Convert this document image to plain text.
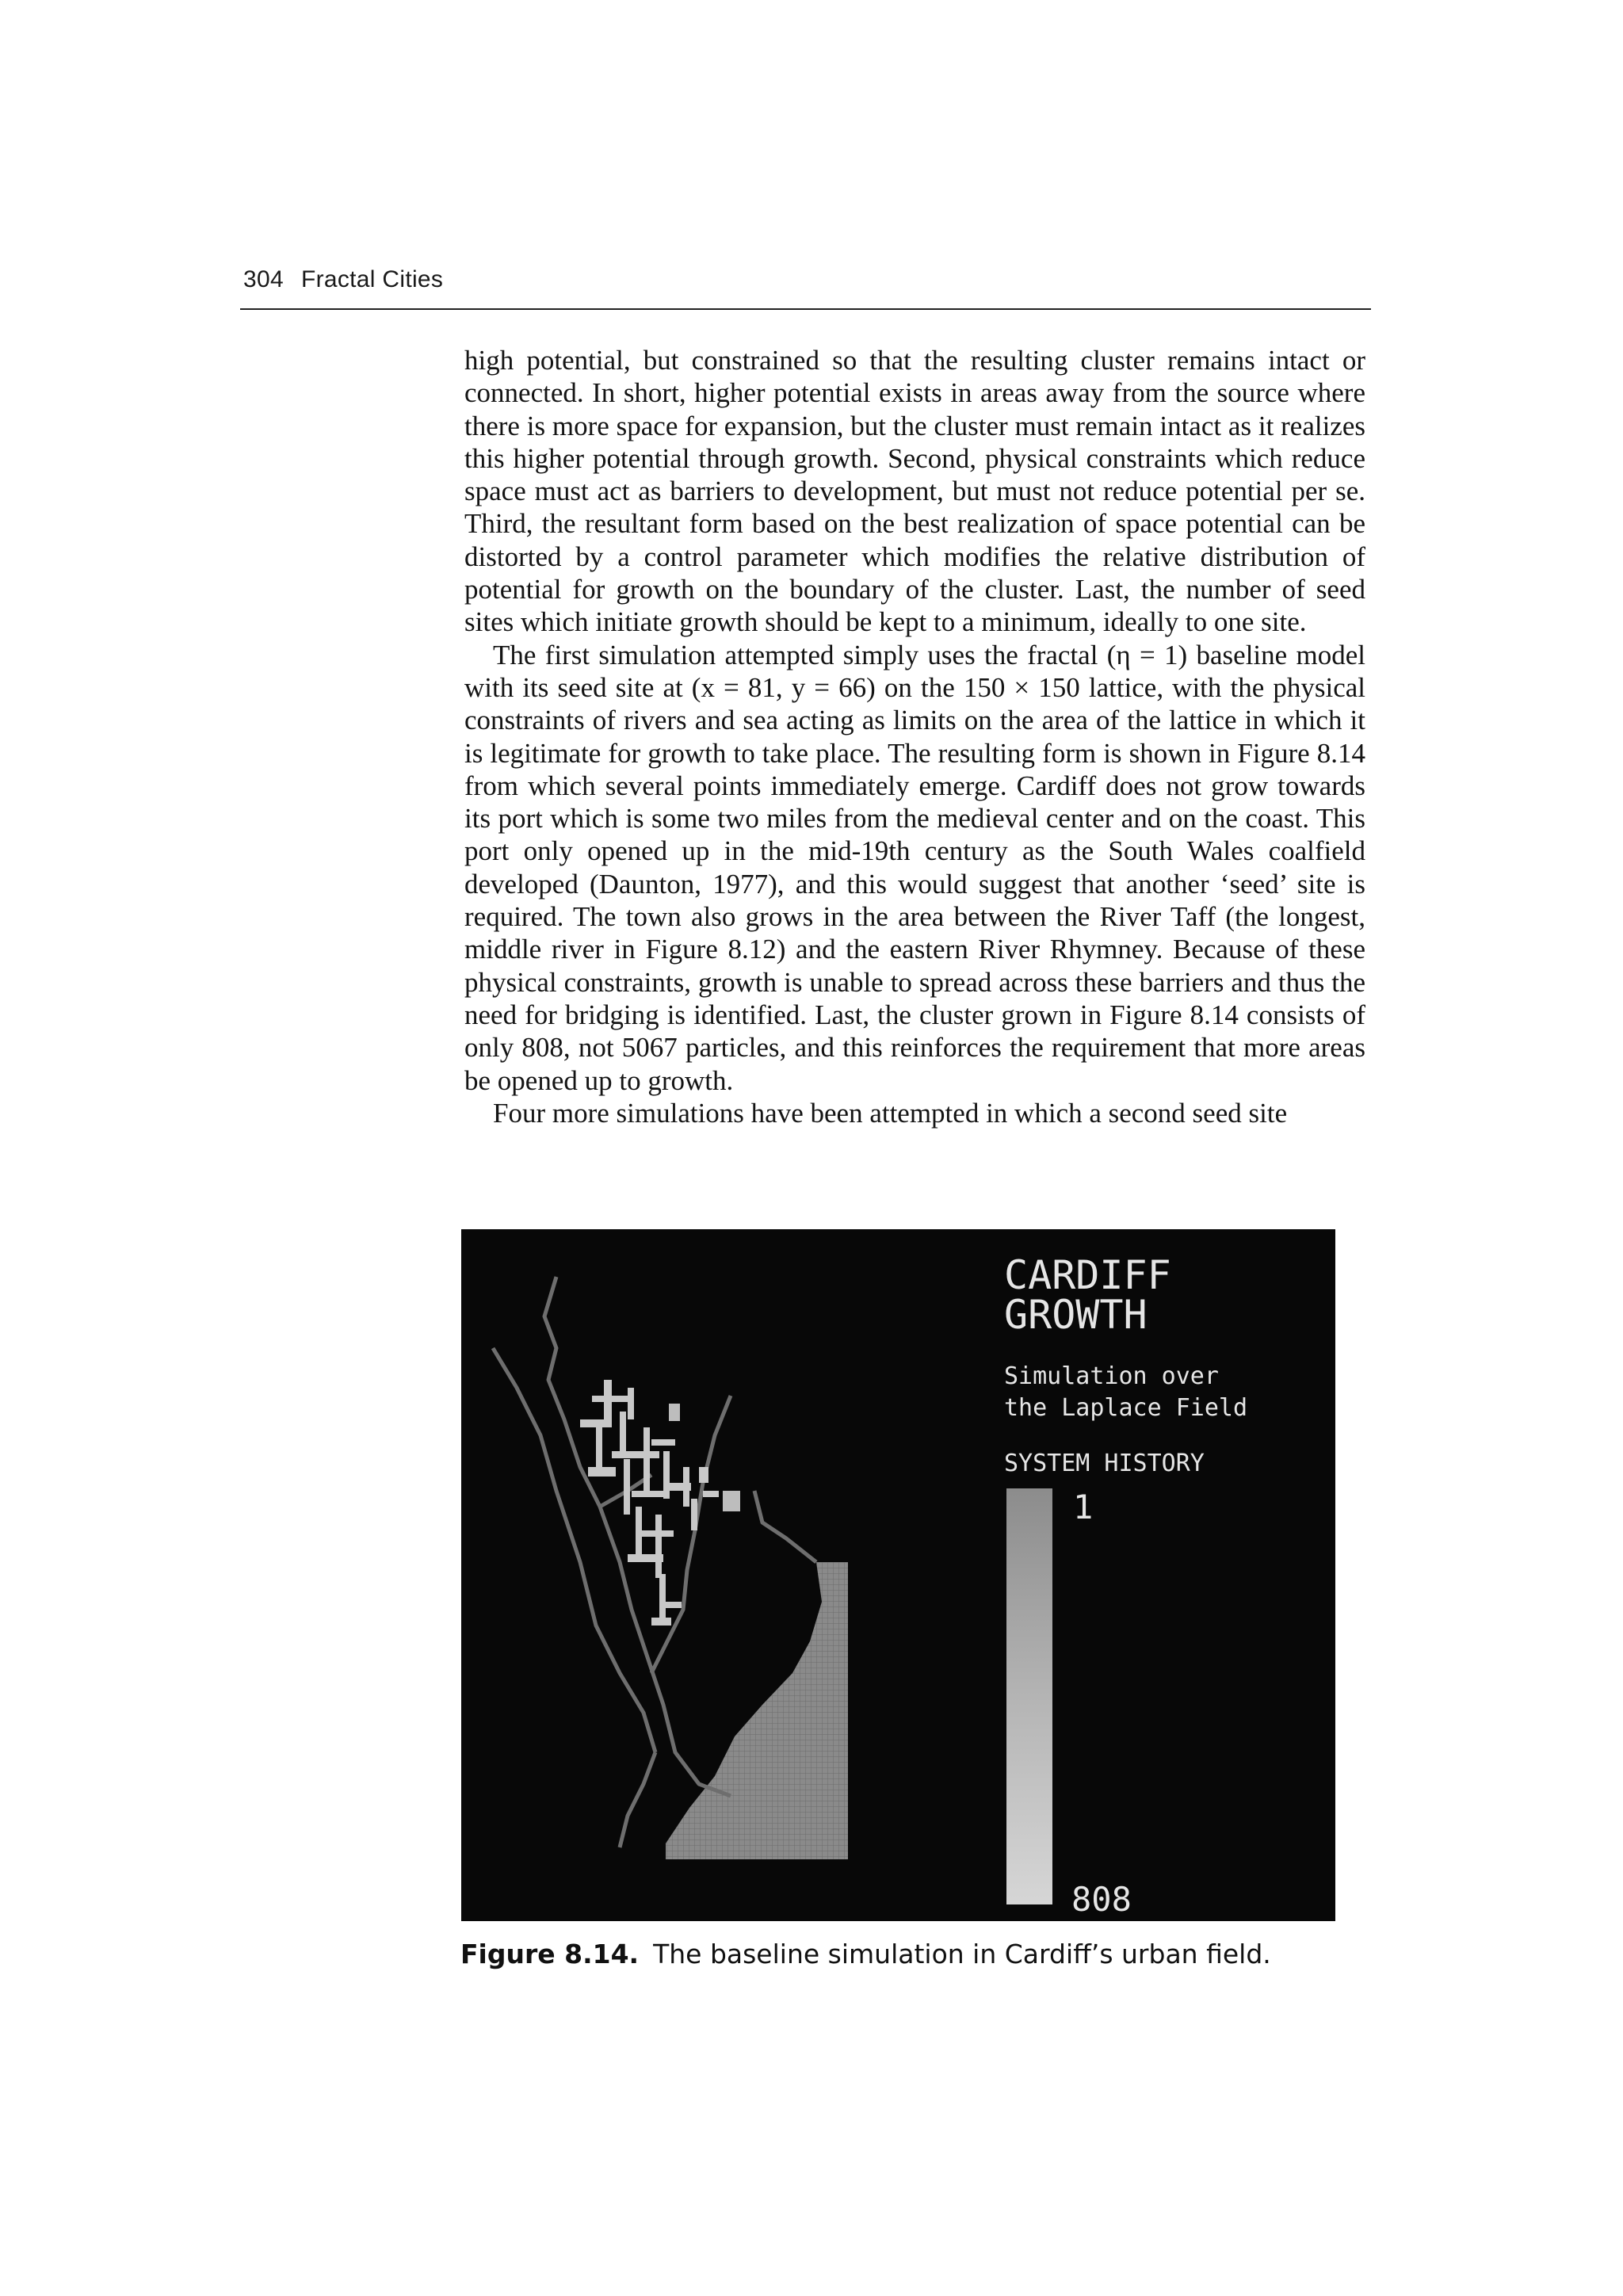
304 Fractal Cities

high potential, but constrained so that the resulting cluster remains intact or connected. In short, higher potential exists in areas away from the source where there is more space for expansion, but the cluster must remain intact as it realizes this higher potential through growth. Second, physical constraints which reduce space must act as barriers to development, but must not reduce potential per se. Third, the resultant form based on the best realization of space potential can be distorted by a control parameter which modifies the relative distribution of potential for growth on the boundary of the cluster. Last, the number of seed sites which initiate growth should be kept to a minimum, ideally to one site.

The first simulation attempted simply uses the fractal (η = 1) baseline model with its seed site at (x = 81, y = 66) on the 150 × 150 lattice, with the physical constraints of rivers and sea acting as limits on the area of the lattice in which it is legitimate for growth to take place. The resulting form is shown in Figure 8.14 from which several points immediately emerge. Cardiff does not grow towards its port which is some two miles from the medieval center and on the coast. This port only opened up in the mid-19th century as the South Wales coalfield developed (Daunton, 1977), and this would suggest that another ‘seed’ site is required. The town also grows in the area between the River Taff (the longest, middle river in Figure 8.12) and the eastern River Rhymney. Because of these physical constraints, growth is unable to spread across these barriers and thus the need for bridging is identified. Last, the cluster grown in Figure 8.14 consists of only 808, not 5067 particles, and this reinforces the requirement that more areas be opened up to growth.

Four more simulations have been attempted in which a second seed site

CARDIFF
GROWTH
Simulation over
the Laplace Field
SYSTEM HISTORY
1
808
Figure 8.14. The baseline simulation in Cardiff’s urban field.
